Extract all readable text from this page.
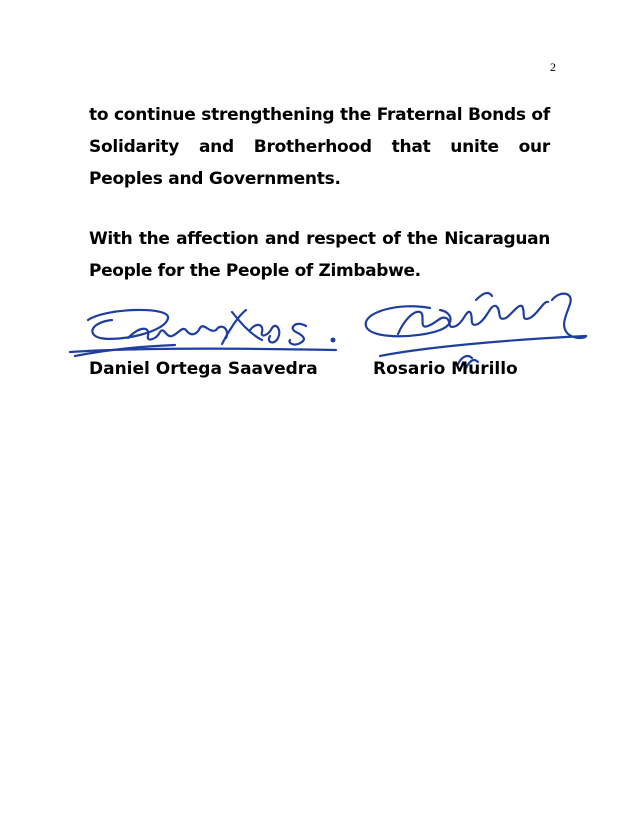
2

to continue strengthening the Fraternal Bonds of Solidarity and Brotherhood that unite our Peoples and Governments.

With the affection and respect of the Nicaraguan People for the People of Zimbabwe.

Daniel Ortega Saavedra	Rosario Murillo
